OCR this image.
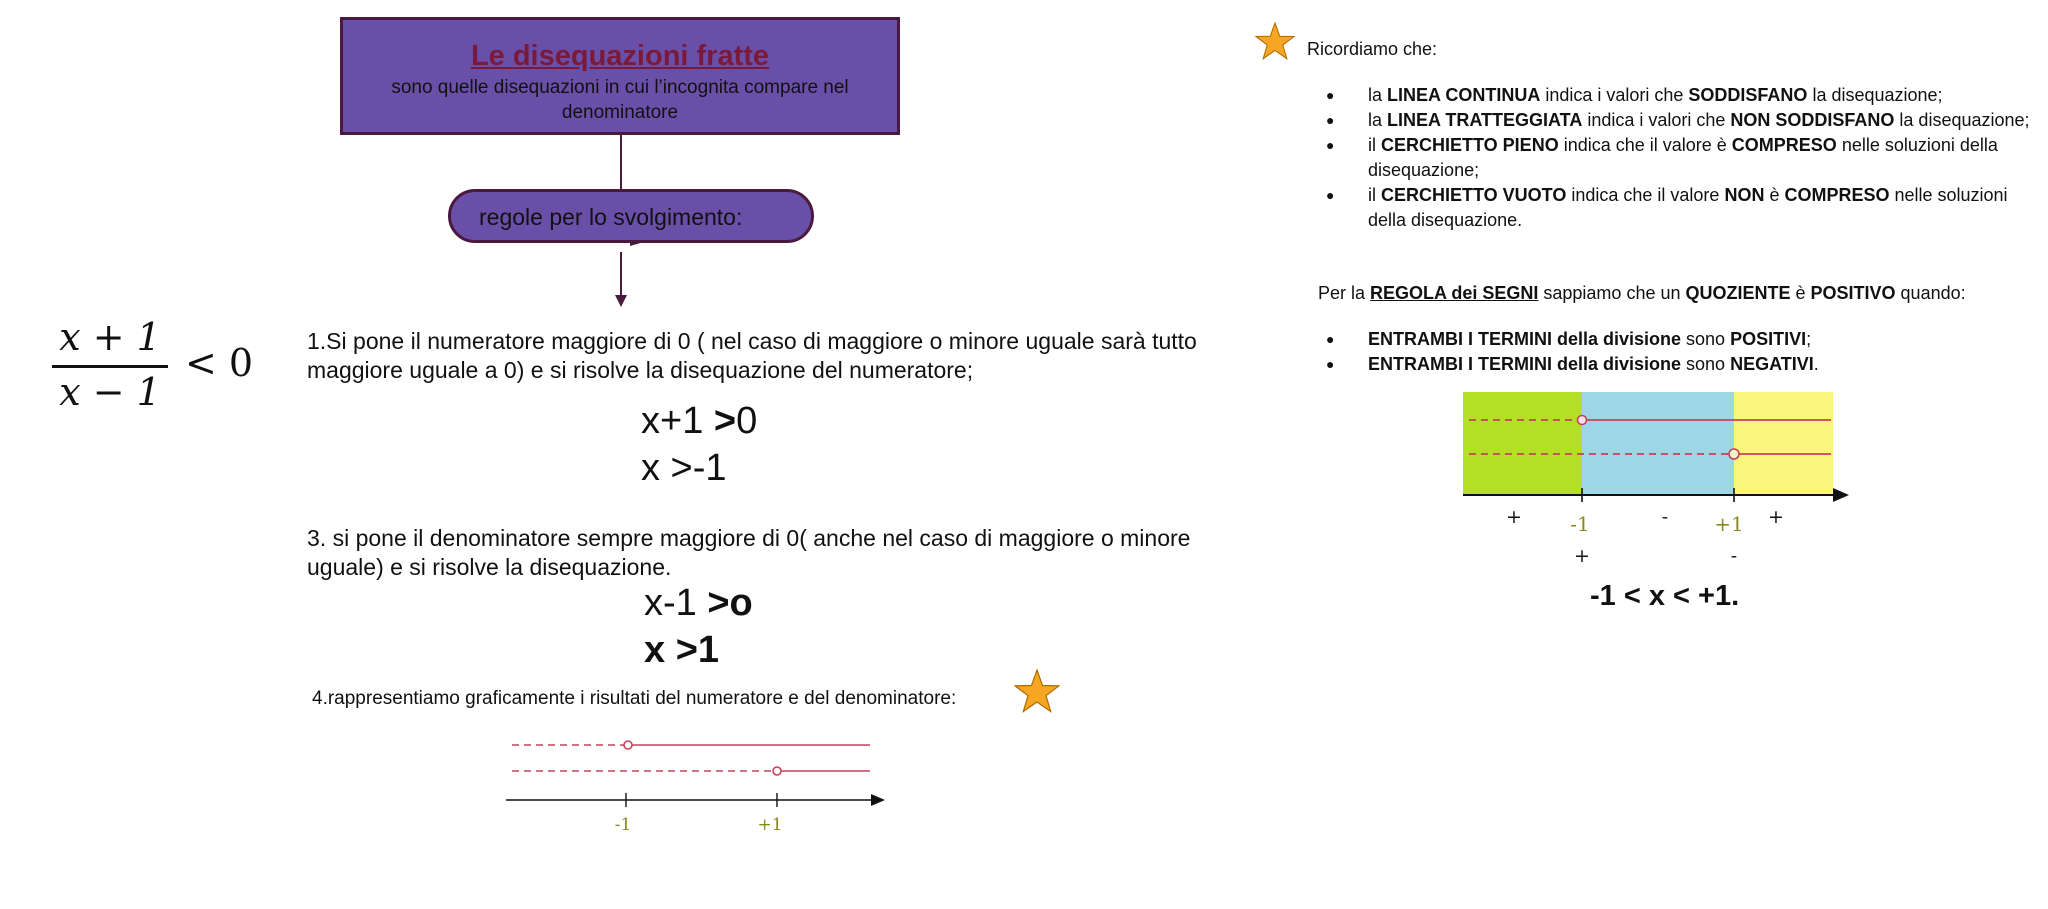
Le disequazioni fratte
sono quelle disequazioni in cui l’incognita compare nel denominatore
regole per lo svolgimento:
x + 1
x − 1
< 0 1.Si pone il numeratore maggiore di 0 ( nel caso di maggiore o minore uguale sarà tutto maggiore uguale a 0) e si risolve la disequazione del numeratore;
x+1 >0
x >-1
3. si pone il denominatore sempre maggiore di 0( anche nel caso di maggiore o minore uguale) e si risolve la disequazione.
x-1 >o
x >1
4.rappresentiamo graficamente i risultati del numeratore e del denominatore:
-1	+1
Ricordiamo che:
● la LINEA CONTINUA indica i valori che SODDISFANO la disequazione;
● la LINEA TRATTEGGIATA indica i valori che NON SODDISFANO la disequazione;
● il CERCHIETTO PIENO indica che il valore è COMPRESO nelle soluzioni della disequazione;
● il CERCHIETTO VUOTO indica che il valore NON è COMPRESO nelle soluzioni della disequazione.
Per la REGOLA dei SEGNI sappiamo che un QUOZIENTE è POSITIVO quando:
● ENTRAMBI I TERMINI della divisione sono POSITIVI;
● ENTRAMBI I TERMINI della divisione sono NEGATIVI.
+ -1	- +1 +
+	-
-1 < x < +1.
